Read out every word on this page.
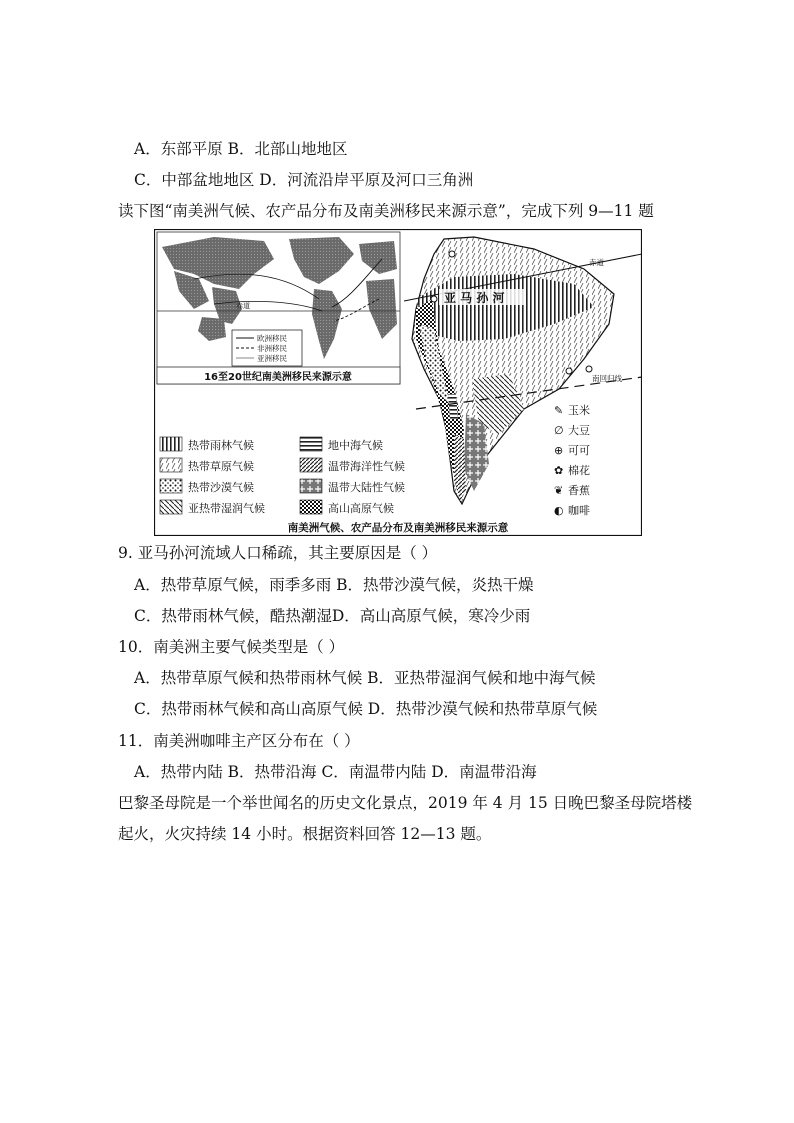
A．东部平原 B．北部山地地区
C．中部盆地地区 D．河流沿岸平原及河口三角洲
读下图“南美洲气候、农产品分布及南美洲移民来源示意”，完成下列 9—11 题
赤道
欧洲移民
非洲移民
亚洲移民
16至20世纪南美洲移民来源示意
赤道
亚 马 孙 河
南回归线
✎ 玉米
∅ 大豆
⊕ 可可
✿ 棉花
❦ 香蕉
◐ 咖啡
热带雨林气候	地中海气候
热带草原气候	温带海洋性气候
热带沙漠气候	温带大陆性气候
亚热带湿润气候	高山高原气候
南美洲气候、农产品分布及南美洲移民来源示意
9. 亚马孙河流域人口稀疏，其主要原因是（ ）
A．热带草原气候，雨季多雨 B．热带沙漠气候，炎热干燥
C．热带雨林气候，酷热潮湿D．高山高原气候，寒冷少雨
10．南美洲主要气候类型是（ ）
A．热带草原气候和热带雨林气候 B．亚热带湿润气候和地中海气候
C．热带雨林气候和高山高原气候 D．热带沙漠气候和热带草原气候
11．南美洲咖啡主产区分布在（ ）
A．热带内陆 B．热带沿海 C．南温带内陆 D．南温带沿海
巴黎圣母院是一个举世闻名的历史文化景点，2019 年 4 月 15 日晚巴黎圣母院塔楼
起火，火灾持续 14 小时。根据资料回答 12—13 题。
